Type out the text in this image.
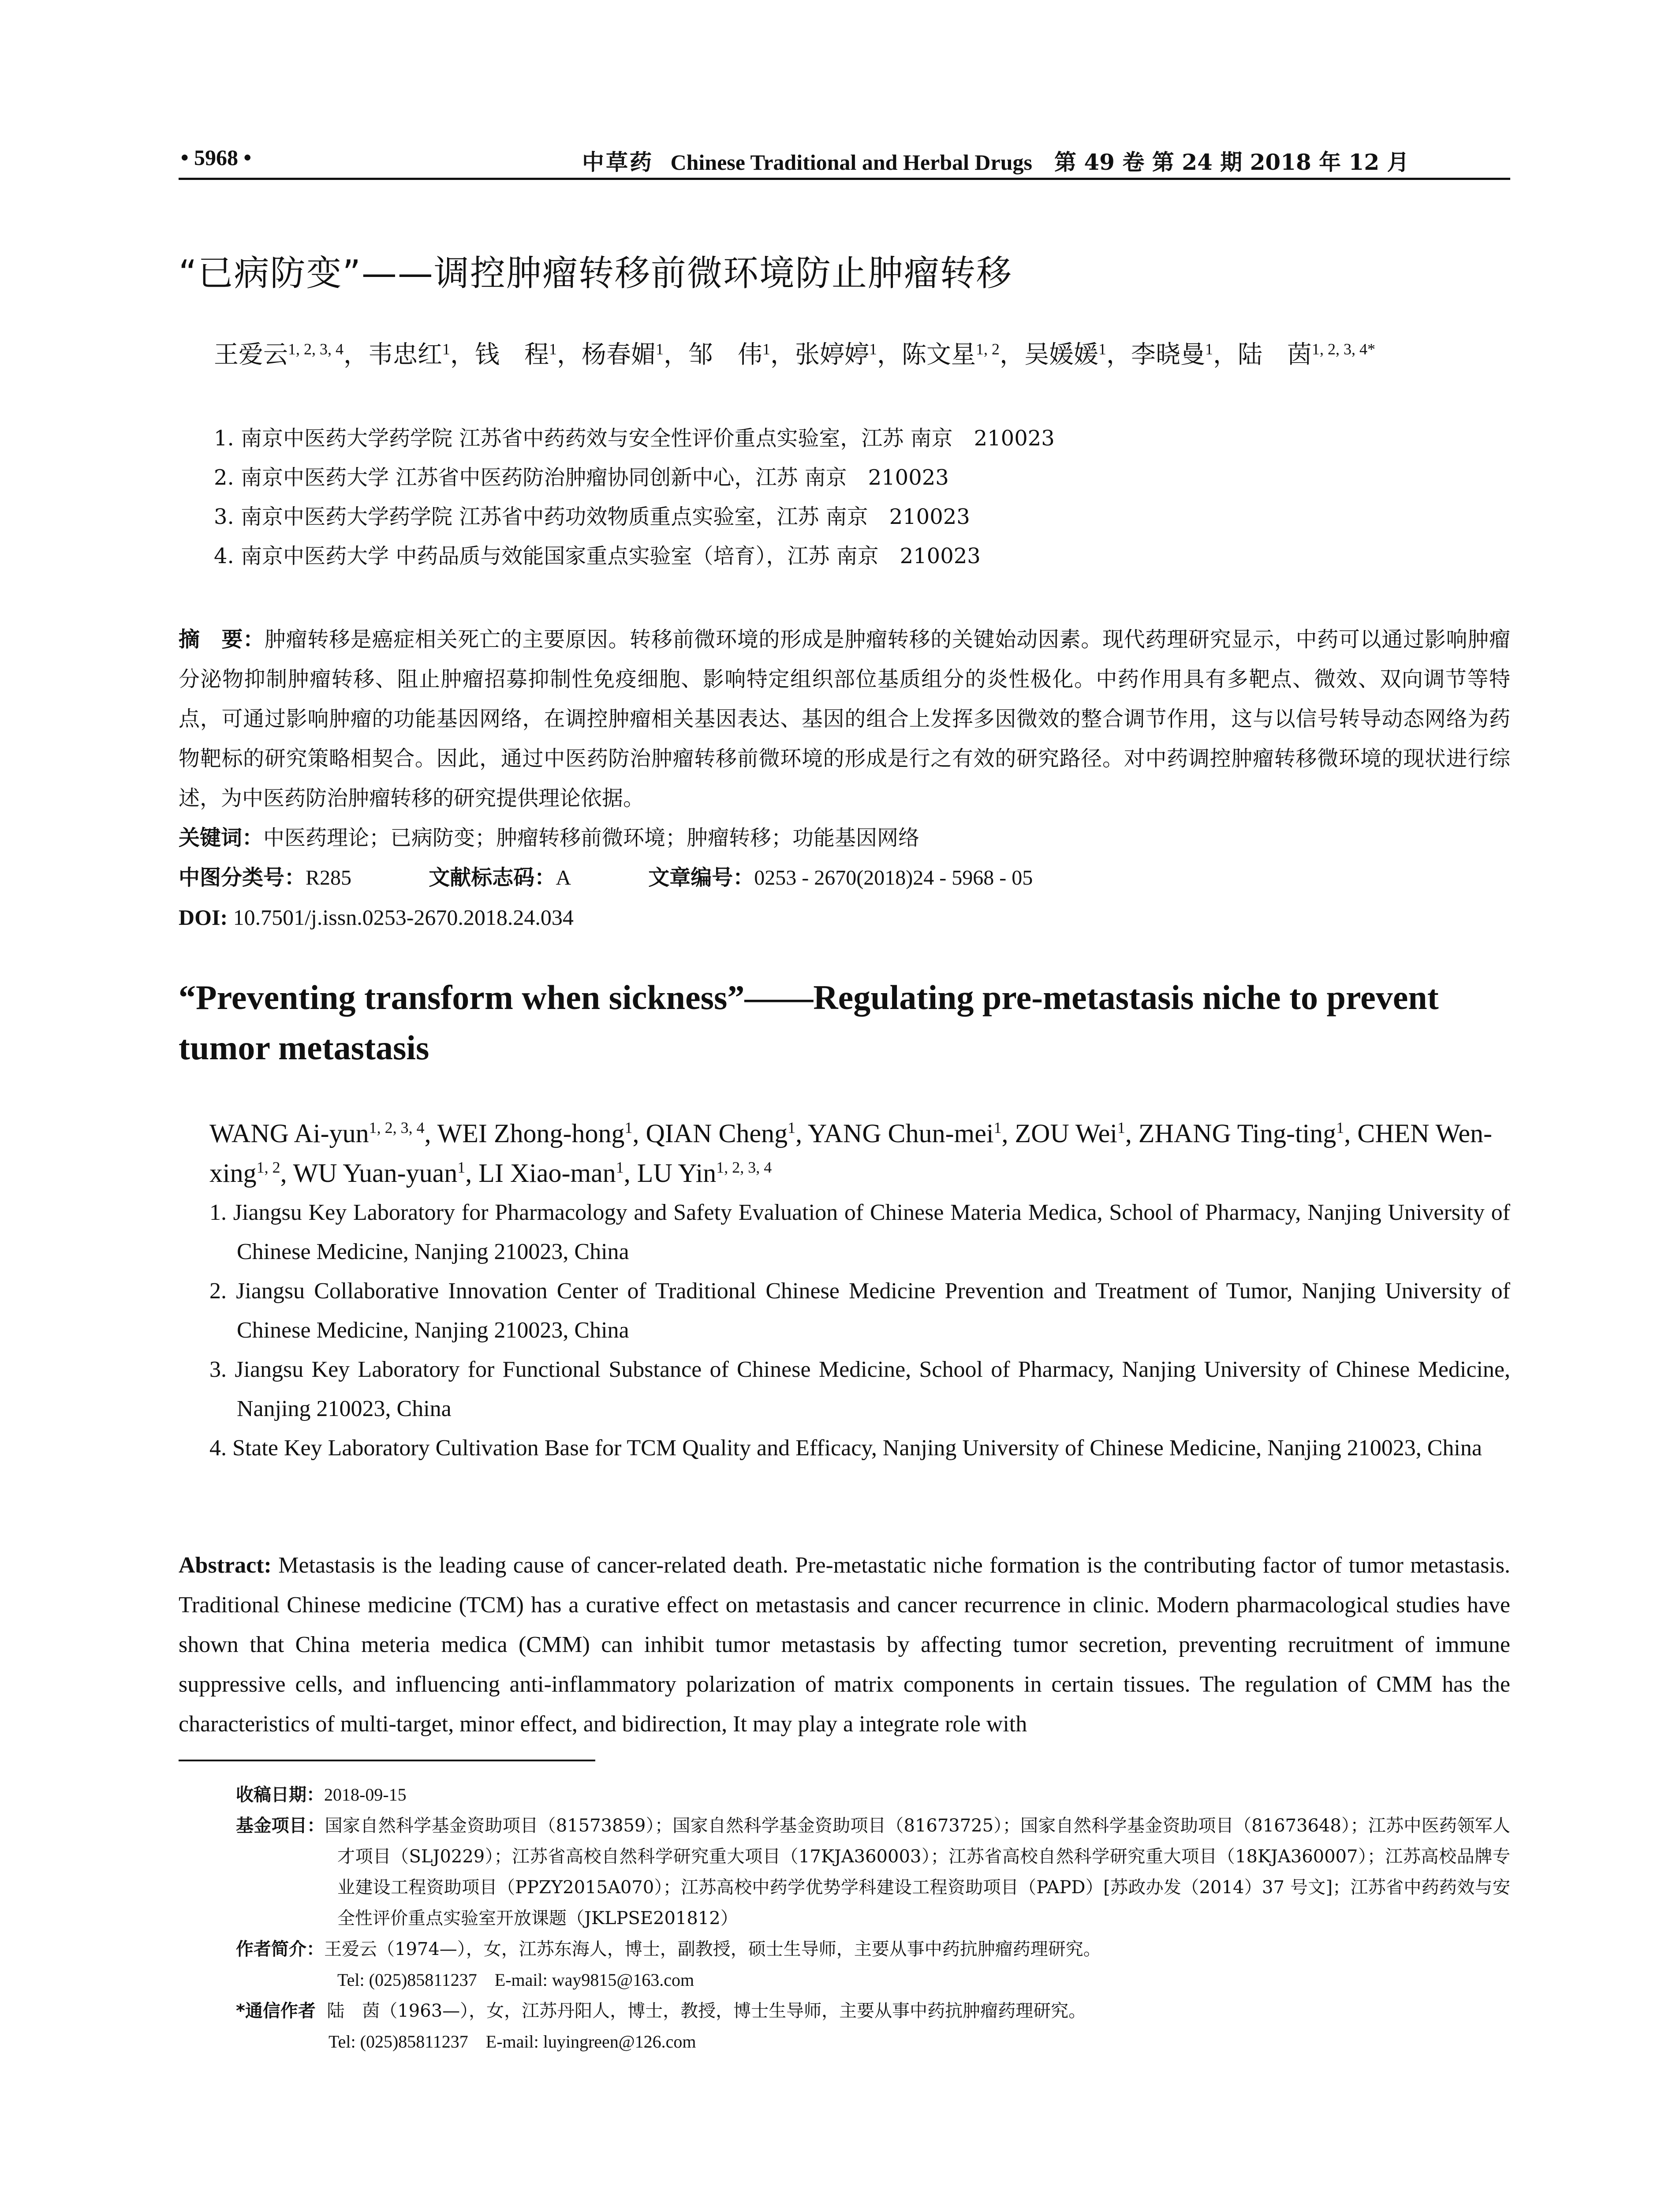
• 5968 •	中草药 Chinese Traditional and Herbal Drugs 第 49 卷 第 24 期 2018 年 12 月
“已病防变”——调控肿瘤转移前微环境防止肿瘤转移
王爱云$^{1, 2, 3, 4}$，韦忠红$^1$，钱　程$^1$，杨春媚$^1$，邹　伟$^1$，张婷婷$^1$，陈文星$^{1, 2}$，吴媛媛$^1$，李晓曼$^1$，陆　茵$^{1, 2, 3, 4*}$
1. 南京中医药大学药学院 江苏省中药药效与安全性评价重点实验室，江苏 南京　210023
2. 南京中医药大学 江苏省中医药防治肿瘤协同创新中心，江苏 南京　210023
3. 南京中医药大学药学院 江苏省中药功效物质重点实验室，江苏 南京　210023
4. 南京中医药大学 中药品质与效能国家重点实验室（培育），江苏 南京　210023
摘　要：肿瘤转移是癌症相关死亡的主要原因。转移前微环境的形成是肿瘤转移的关键始动因素。现代药理研究显示，中药可以通过影响肿瘤分泌物抑制肿瘤转移、阻止肿瘤招募抑制性免疫细胞、影响特定组织部位基质组分的炎性极化。中药作用具有多靶点、微效、双向调节等特点，可通过影响肿瘤的功能基因网络，在调控肿瘤相关基因表达、基因的组合上发挥多因微效的整合调节作用，这与以信号转导动态网络为药物靶标的研究策略相契合。因此，通过中医药防治肿瘤转移前微环境的形成是行之有效的研究路径。对中药调控肿瘤转移微环境的现状进行综述，为中医药防治肿瘤转移的研究提供理论依据。
关键词：中医药理论；已病防变；肿瘤转移前微环境；肿瘤转移；功能基因网络
中图分类号：R285	文献标志码：A	文章编号：0253 - 2670(2018)24 - 5968 - 05
DOI: 10.7501/j.issn.0253-2670.2018.24.034
“Preventing transform when sickness”——Regulating pre-metastasis niche to prevent tumor metastasis
WANG Ai-yun$^{1, 2, 3, 4}$, WEI Zhong-hong$^1$, QIAN Cheng$^1$, YANG Chun-mei$^1$, ZOU Wei$^1$, ZHANG Ting-ting$^1$, CHEN Wen-xing$^{1, 2}$, WU Yuan-yuan$^1$, LI Xiao-man$^1$, LU Yin$^{1, 2, 3, 4}$
1. Jiangsu Key Laboratory for Pharmacology and Safety Evaluation of Chinese Materia Medica, School of Pharmacy, Nanjing University of Chinese Medicine, Nanjing 210023, China
2. Jiangsu Collaborative Innovation Center of Traditional Chinese Medicine Prevention and Treatment of Tumor, Nanjing University of Chinese Medicine, Nanjing 210023, China
3. Jiangsu Key Laboratory for Functional Substance of Chinese Medicine, School of Pharmacy, Nanjing University of Chinese Medicine, Nanjing 210023, China
4. State Key Laboratory Cultivation Base for TCM Quality and Efficacy, Nanjing University of Chinese Medicine, Nanjing 210023, China
Abstract: Metastasis is the leading cause of cancer-related death. Pre-metastatic niche formation is the contributing factor of tumor metastasis. Traditional Chinese medicine (TCM) has a curative effect on metastasis and cancer recurrence in clinic. Modern pharmacological studies have shown that China meteria medica (CMM) can inhibit tumor metastasis by affecting tumor secretion, preventing recruitment of immune suppressive cells, and influencing anti-inflammatory polarization of matrix components in certain tissues. The regulation of CMM has the characteristics of multi-target, minor effect, and bidirection, It may play a integrate role with
收稿日期：2018-09-15
基金项目：国家自然科学基金资助项目（81573859）；国家自然科学基金资助项目（81673725）；国家自然科学基金资助项目（81673648）；江苏中医药领军人才项目（SLJ0229）；江苏省高校自然科学研究重大项目（17KJA360003）；江苏省高校自然科学研究重大项目（18KJA360007）；江苏高校品牌专业建设工程资助项目（PPZY2015A070）；江苏高校中药学优势学科建设工程资助项目（PAPD）[苏政办发（2014）37 号文]；江苏省中药药效与安全性评价重点实验室开放课题（JKLPSE201812）
作者简介：王爱云（1974—），女，江苏东海人，博士，副教授，硕士生导师，主要从事中药抗肿瘤药理研究。
Tel: (025)85811237　E-mail: way9815@163.com
*通信作者 陆　茵（1963—），女，江苏丹阳人，博士，教授，博士生导师，主要从事中药抗肿瘤药理研究。
Tel: (025)85811237　E-mail: luyingreen@126.com
